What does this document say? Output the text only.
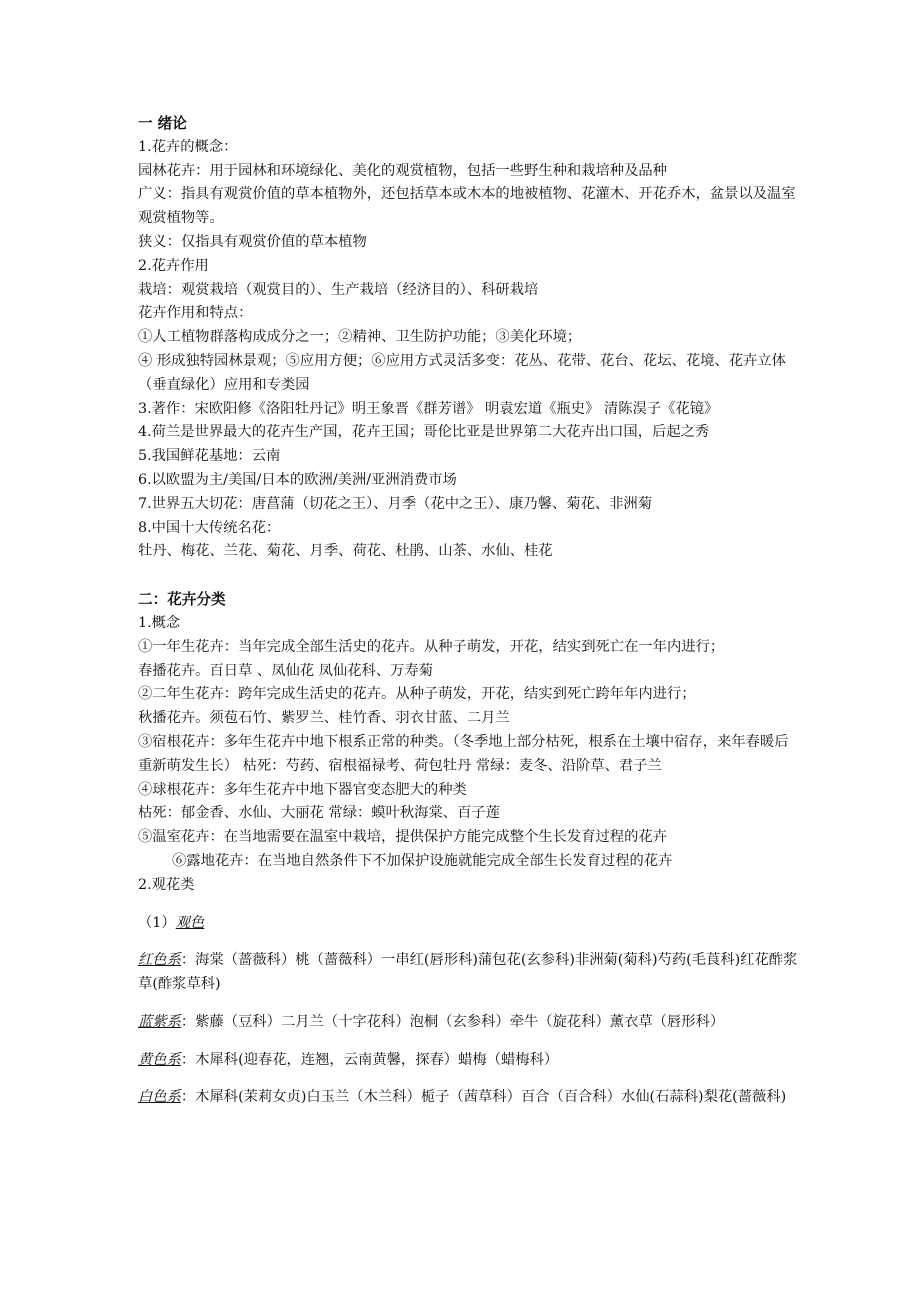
一 绪论

1.花卉的概念：

园林花卉：用于园林和环境绿化、美化的观赏植物，包括一些野生种和栽培种及品种

广义：指具有观赏价值的草本植物外，还包括草本或木本的地被植物、花灌木、开花乔木，盆景以及温室观赏植物等。

狭义：仅指具有观赏价值的草本植物

2.花卉作用

栽培：观赏栽培（观赏目的）、生产栽培（经济目的）、科研栽培

花卉作用和特点：

①人工植物群落构成成分之一；②精神、卫生防护功能；③美化环境；

④ 形成独特园林景观；⑤应用方便；⑥应用方式灵活多变：花丛、花带、花台、花坛、花境、花卉立体（垂直绿化）应用和专类园

3.著作：宋欧阳修《洛阳牡丹记》明王象晋《群芳谱》 明袁宏道《瓶史》 清陈淏子《花镜》

4.荷兰是世界最大的花卉生产国，花卉王国；哥伦比亚是世界第二大花卉出口国，后起之秀

5.我国鲜花基地：云南

6.以欧盟为主/美国/日本的欧洲/美洲/亚洲消费市场

7.世界五大切花：唐菖蒲（切花之王）、月季（花中之王）、康乃馨、菊花、非洲菊

8.中国十大传统名花：

牡丹、梅花、兰花、菊花、月季、荷花、杜鹃、山茶、水仙、桂花

二：花卉分类

1.概念

①一年生花卉：当年完成全部生活史的花卉。从种子萌发，开花，结实到死亡在一年内进行；

春播花卉。百日草 、凤仙花 凤仙花科、万寿菊

②二年生花卉：跨年完成生活史的花卉。从种子萌发，开花，结实到死亡跨年年内进行；

秋播花卉。须苞石竹、紫罗兰、桂竹香、羽衣甘蓝、二月兰

③宿根花卉：多年生花卉中地下根系正常的种类。（冬季地上部分枯死，根系在土壤中宿存，来年春暖后重新萌发生长） 枯死：芍药、宿根福禄考、荷包牡丹 常绿：麦冬、沿阶草、君子兰

④球根花卉：多年生花卉中地下器官变态肥大的种类

枯死：郁金香、水仙、大丽花 常绿：蟆叶秋海棠、百子莲

⑤温室花卉：在当地需要在温室中栽培，提供保护方能完成整个生长发育过程的花卉

⑥露地花卉：在当地自然条件下不加保护设施就能完成全部生长发育过程的花卉

2.观花类

（1）观色

红色系：海棠（蔷薇科）桃（蔷薇科）一串红(唇形科)蒲包花(玄参科)非洲菊(菊科)芍药(毛莨科)红花酢浆草(酢浆草科)

蓝紫系：紫藤（豆科）二月兰（十字花科）泡桐（玄参科）牵牛（旋花科）薰衣草（唇形科）

黄色系：木犀科(迎春花，连翘，云南黄馨，探春）蜡梅（蜡梅科）

白色系：木犀科(茉莉女贞)白玉兰（木兰科）栀子（茜草科）百合（百合科）水仙(石蒜科)梨花(蔷薇科)
